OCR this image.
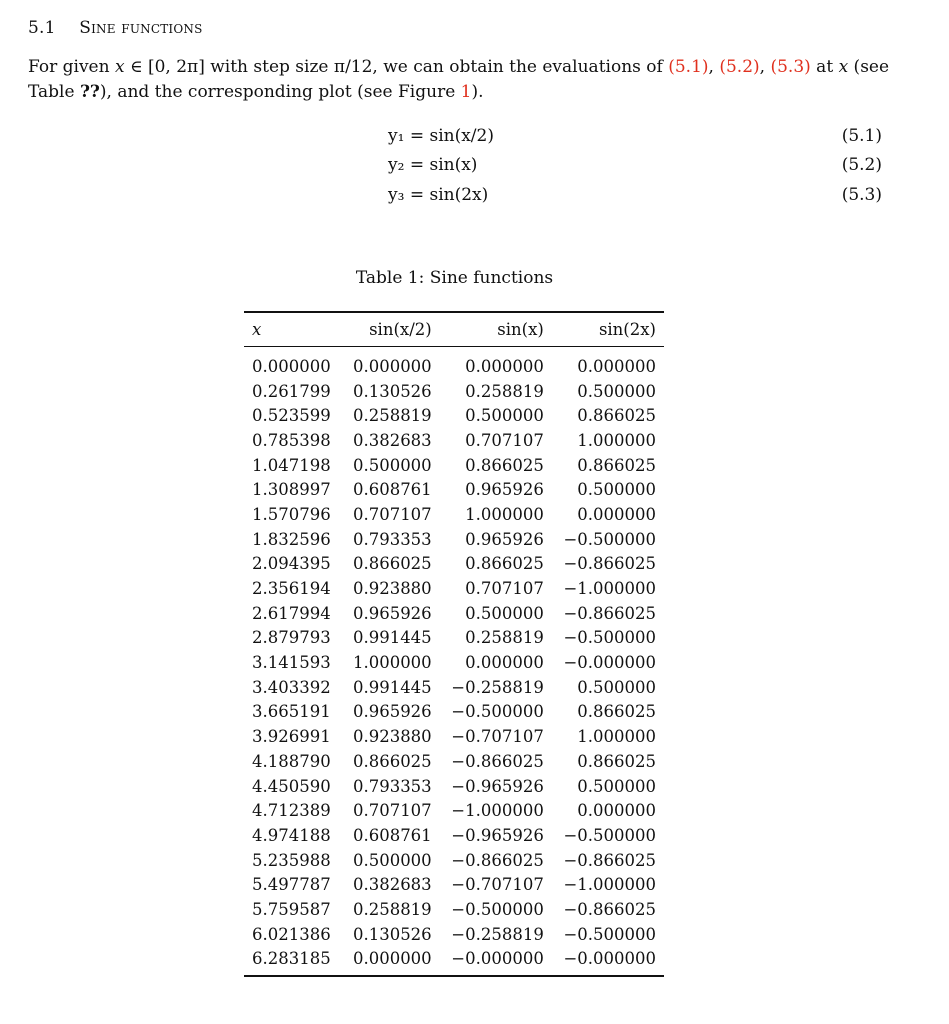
5.1 Sine functions
For given x ∈ [0, 2π] with step size π/12, we can obtain the evaluations of (5.1), (5.2), (5.3) at x (see Table ??), and the corresponding plot (see Figure 1).
y₁ = sin(x/2)	(5.1)
y₂ = sin(x)	(5.2)
y₃ = sin(2x)	(5.3)
Table 1: Sine functions
x	sin(x/2)	sin(x)	sin(2x)
0.000000	0.000000	0.000000	0.000000
0.261799	0.130526	0.258819	0.500000
0.523599	0.258819	0.500000	0.866025
0.785398	0.382683	0.707107	1.000000
1.047198	0.500000	0.866025	0.866025
1.308997	0.608761	0.965926	0.500000
1.570796	0.707107	1.000000	0.000000
1.832596	0.793353	0.965926	−0.500000
2.094395	0.866025	0.866025	−0.866025
2.356194	0.923880	0.707107	−1.000000
2.617994	0.965926	0.500000	−0.866025
2.879793	0.991445	0.258819	−0.500000
3.141593	1.000000	0.000000	−0.000000
3.403392	0.991445	−0.258819	0.500000
3.665191	0.965926	−0.500000	0.866025
3.926991	0.923880	−0.707107	1.000000
4.188790	0.866025	−0.866025	0.866025
4.450590	0.793353	−0.965926	0.500000
4.712389	0.707107	−1.000000	0.000000
4.974188	0.608761	−0.965926	−0.500000
5.235988	0.500000	−0.866025	−0.866025
5.497787	0.382683	−0.707107	−1.000000
5.759587	0.258819	−0.500000	−0.866025
6.021386	0.130526	−0.258819	−0.500000
6.283185	0.000000	−0.000000	−0.000000
